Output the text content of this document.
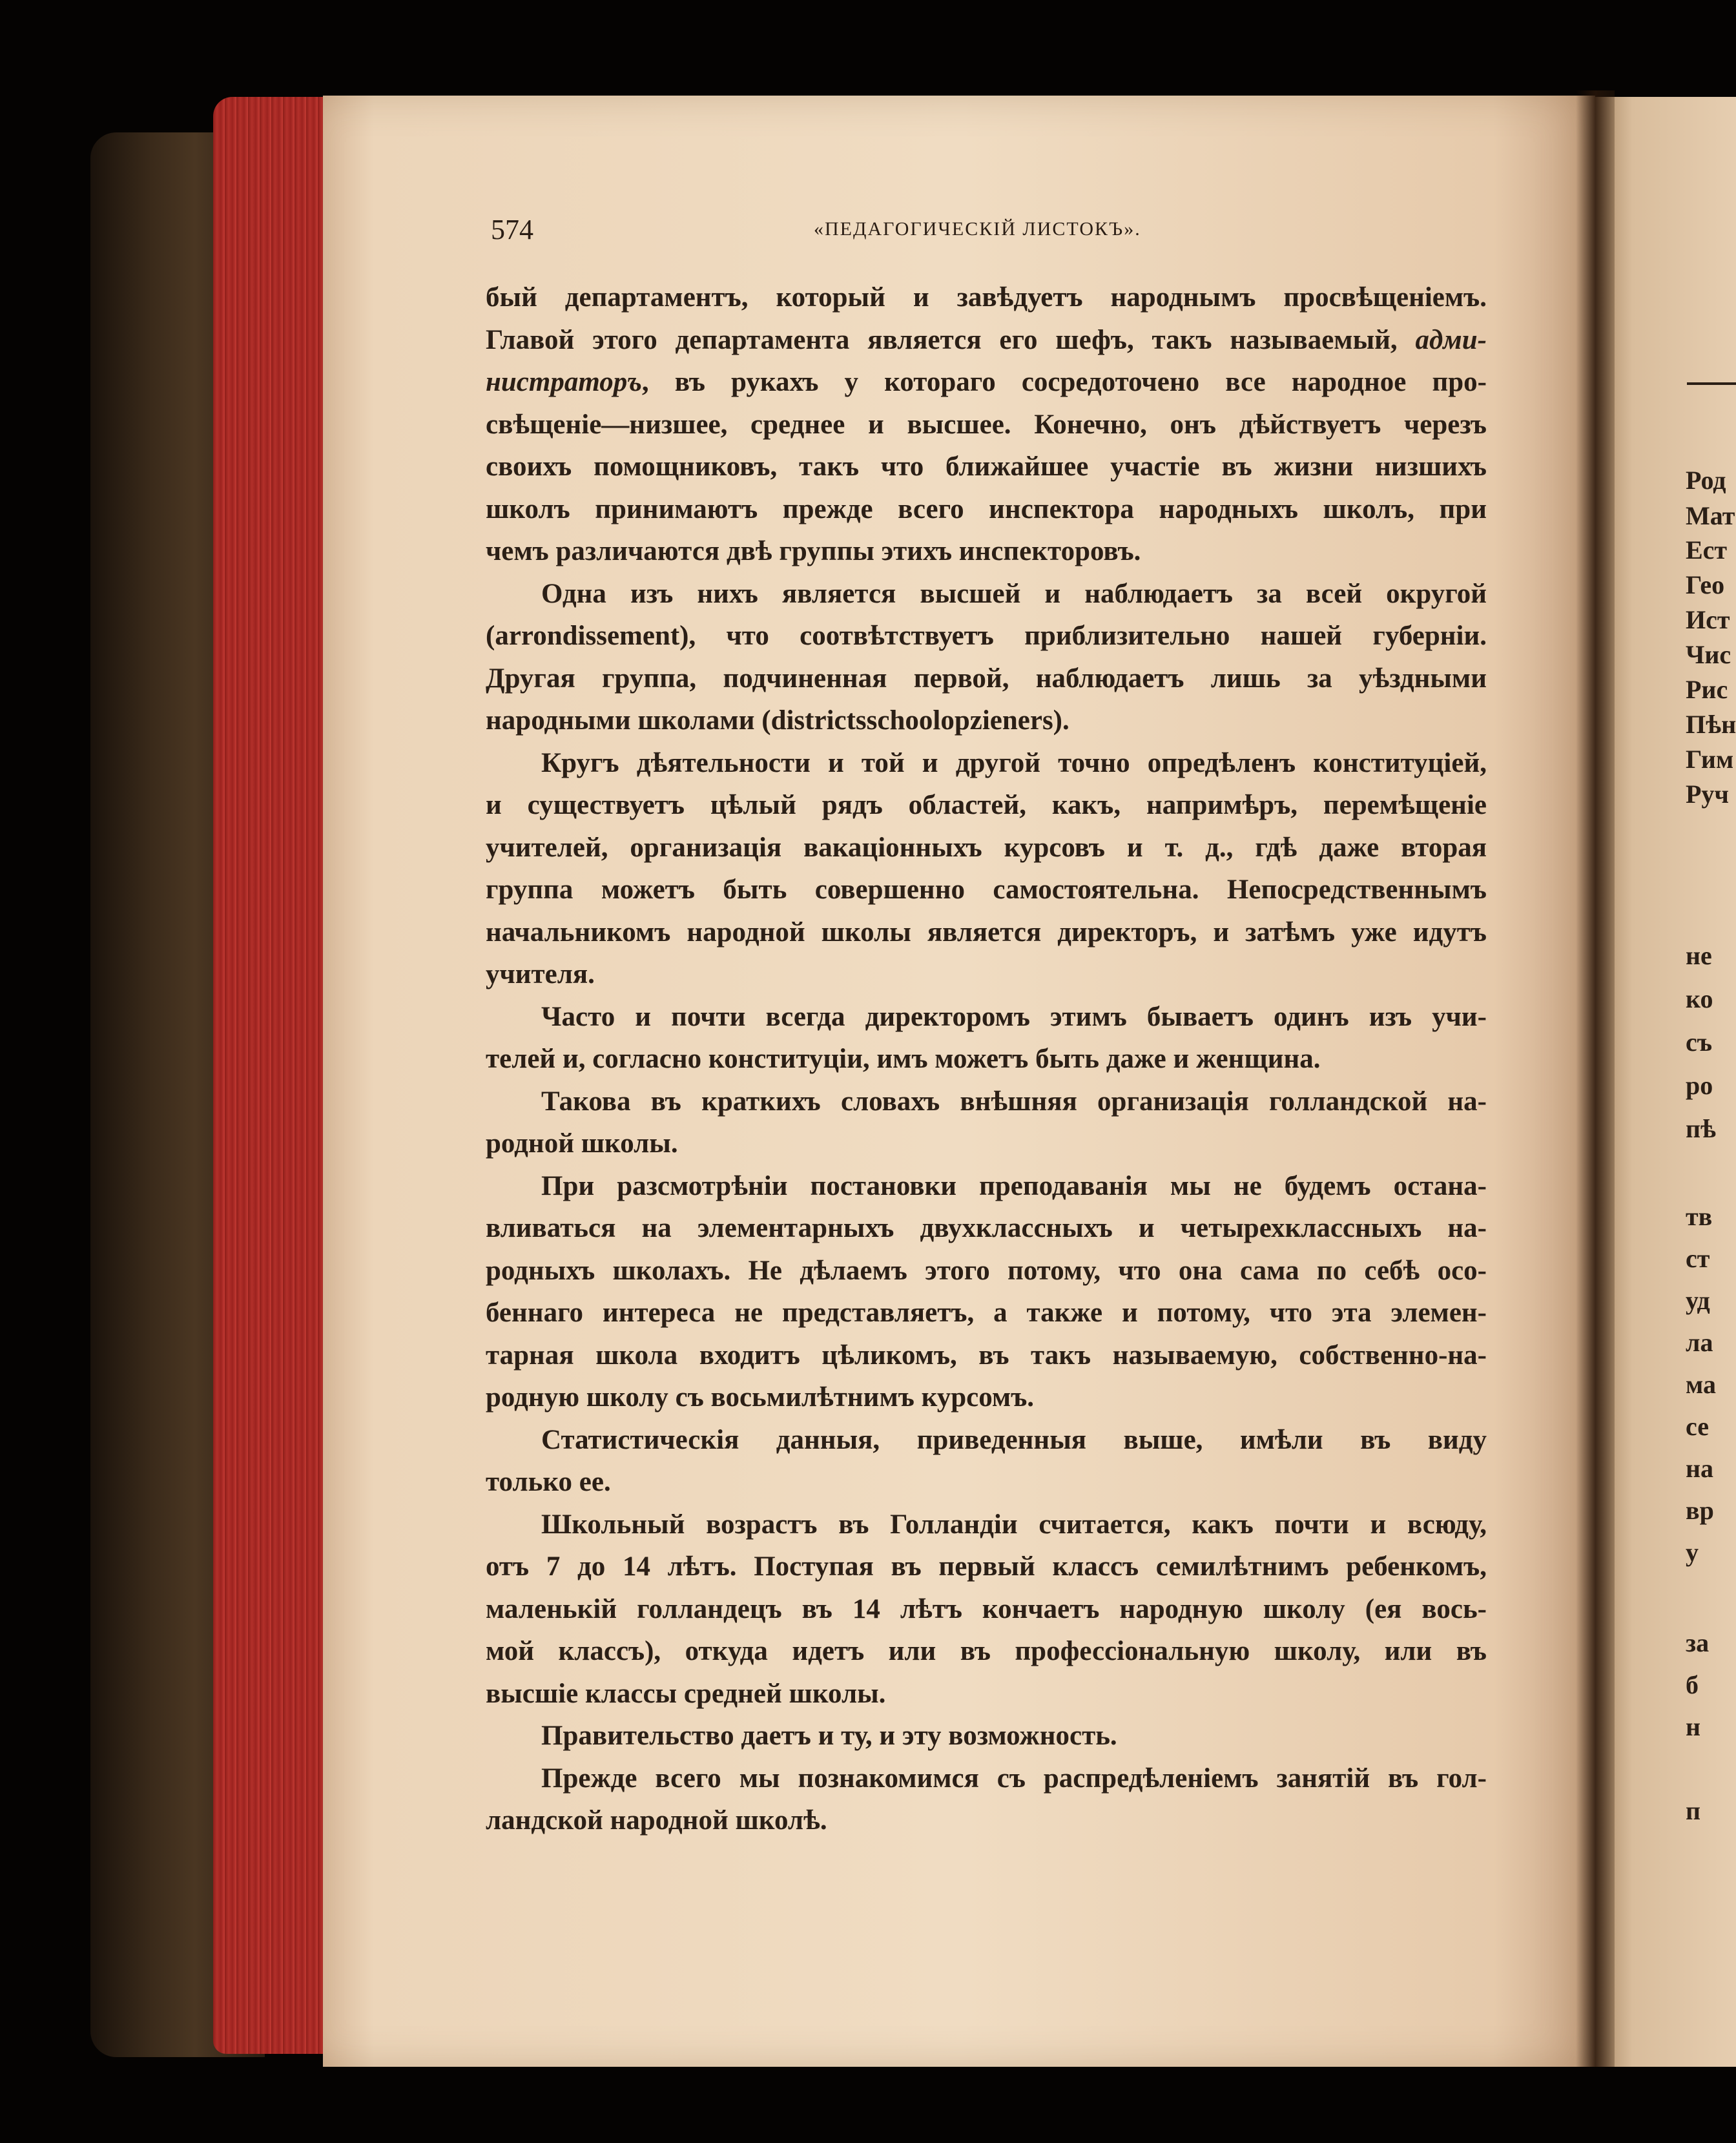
574	«ПЕДАГОГИЧЕСКІЙ ЛИСТОКЪ».
бый департаментъ, который и завѣдуетъ народнымъ просвѣщеніемъ.
Главой этого департамента является его шефъ, такъ называемый, адми-
нистраторъ, въ рукахъ у котораго сосредоточено все народное про-
свѣщеніе—низшее, среднее и высшее. Конечно, онъ дѣйствуетъ черезъ
своихъ помощниковъ, такъ что ближайшее участіе въ жизни низшихъ
школъ принимаютъ прежде всего инспектора народныхъ школъ, при
чемъ различаются двѣ группы этихъ инспекторовъ.
Одна изъ нихъ является высшей и наблюдаетъ за всей округой
(arrondissement), что соотвѣтствуетъ приблизительно нашей губерніи.
Другая группа, подчиненная первой, наблюдаетъ лишь за уѣздными
народными школами (districtsschoolopzieners).
Кругъ дѣятельности и той и другой точно опредѣленъ конституціей,
и существуетъ цѣлый рядъ областей, какъ, напримѣръ, перемѣщеніе
учителей, организація вакаціонныхъ курсовъ и т. д., гдѣ даже вторая
группа можетъ быть совершенно самостоятельна. Непосредственнымъ
начальникомъ народной школы является директоръ, и затѣмъ уже идутъ
учителя.
Часто и почти всегда директоромъ этимъ бываетъ одинъ изъ учи-
телей и, согласно конституціи, имъ можетъ быть даже и женщина.
Такова въ краткихъ словахъ внѣшняя организація голландской на-
родной школы.
При разсмотрѣніи постановки преподаванія мы не будемъ остана-
вливаться на элементарныхъ двухклассныхъ и четырехклассныхъ на-
родныхъ школахъ. Не дѣлаемъ этого потому, что она сама по себѣ осо-
беннаго интереса не представляетъ, а также и потому, что эта элемен-
тарная школа входитъ цѣликомъ, въ такъ называемую, собственно-на-
родную школу съ восьмилѣтнимъ курсомъ.
Статистическія данныя, приведенныя выше, имѣли въ виду
только ее.
Школьный возрастъ въ Голландіи считается, какъ почти и всюду,
отъ 7 до 14 лѣтъ. Поступая въ первый классъ семилѣтнимъ ребенкомъ,
маленькій голландецъ въ 14 лѣтъ кончаетъ народную школу (ея вось-
мой классъ), откуда идетъ или въ профессіональную школу, или въ
высшіе классы средней школы.
Правительство даетъ и ту, и эту возможность.
Прежде всего мы познакомимся съ распредѣленіемъ занятій въ гол-
ландской народной школѣ.
Род
Мат
Ест
Гео
Ист
Чис
Рис
Пѣн
Гим
Руч
не
ко
съ
ро
пѣ
тв
ст
уд
ла
ма
се
на
вр
у
за
б
н
п
